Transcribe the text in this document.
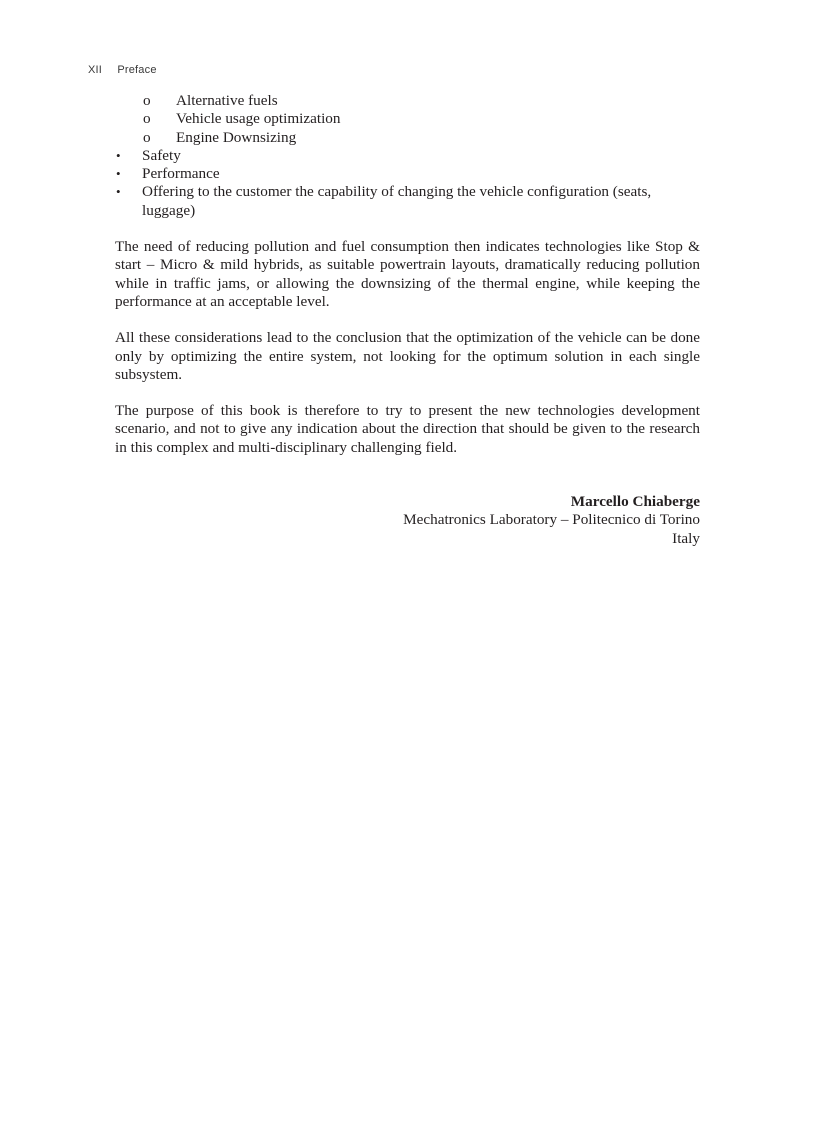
XII Preface
o Alternative fuels
o Vehicle usage optimization
o Engine Downsizing
• Safety
• Performance
• Offering to the customer the capability of changing the vehicle configuration (seats, luggage)

The need of reducing pollution and fuel consumption then indicates technologies like Stop & start – Micro & mild hybrids, as suitable powertrain layouts, dramatically reducing pollution while in traffic jams, or allowing the downsizing of the thermal engine, while keeping the performance at an acceptable level.

All these considerations lead to the conclusion that the optimization of the vehicle can be done only by optimizing the entire system, not looking for the optimum solution in each single subsystem.

The purpose of this book is therefore to try to present the new technologies development scenario, and not to give any indication about the direction that should be given to the research in this complex and multi-disciplinary challenging field.

Marcello Chiaberge
Mechatronics Laboratory – Politecnico di Torino
Italy
